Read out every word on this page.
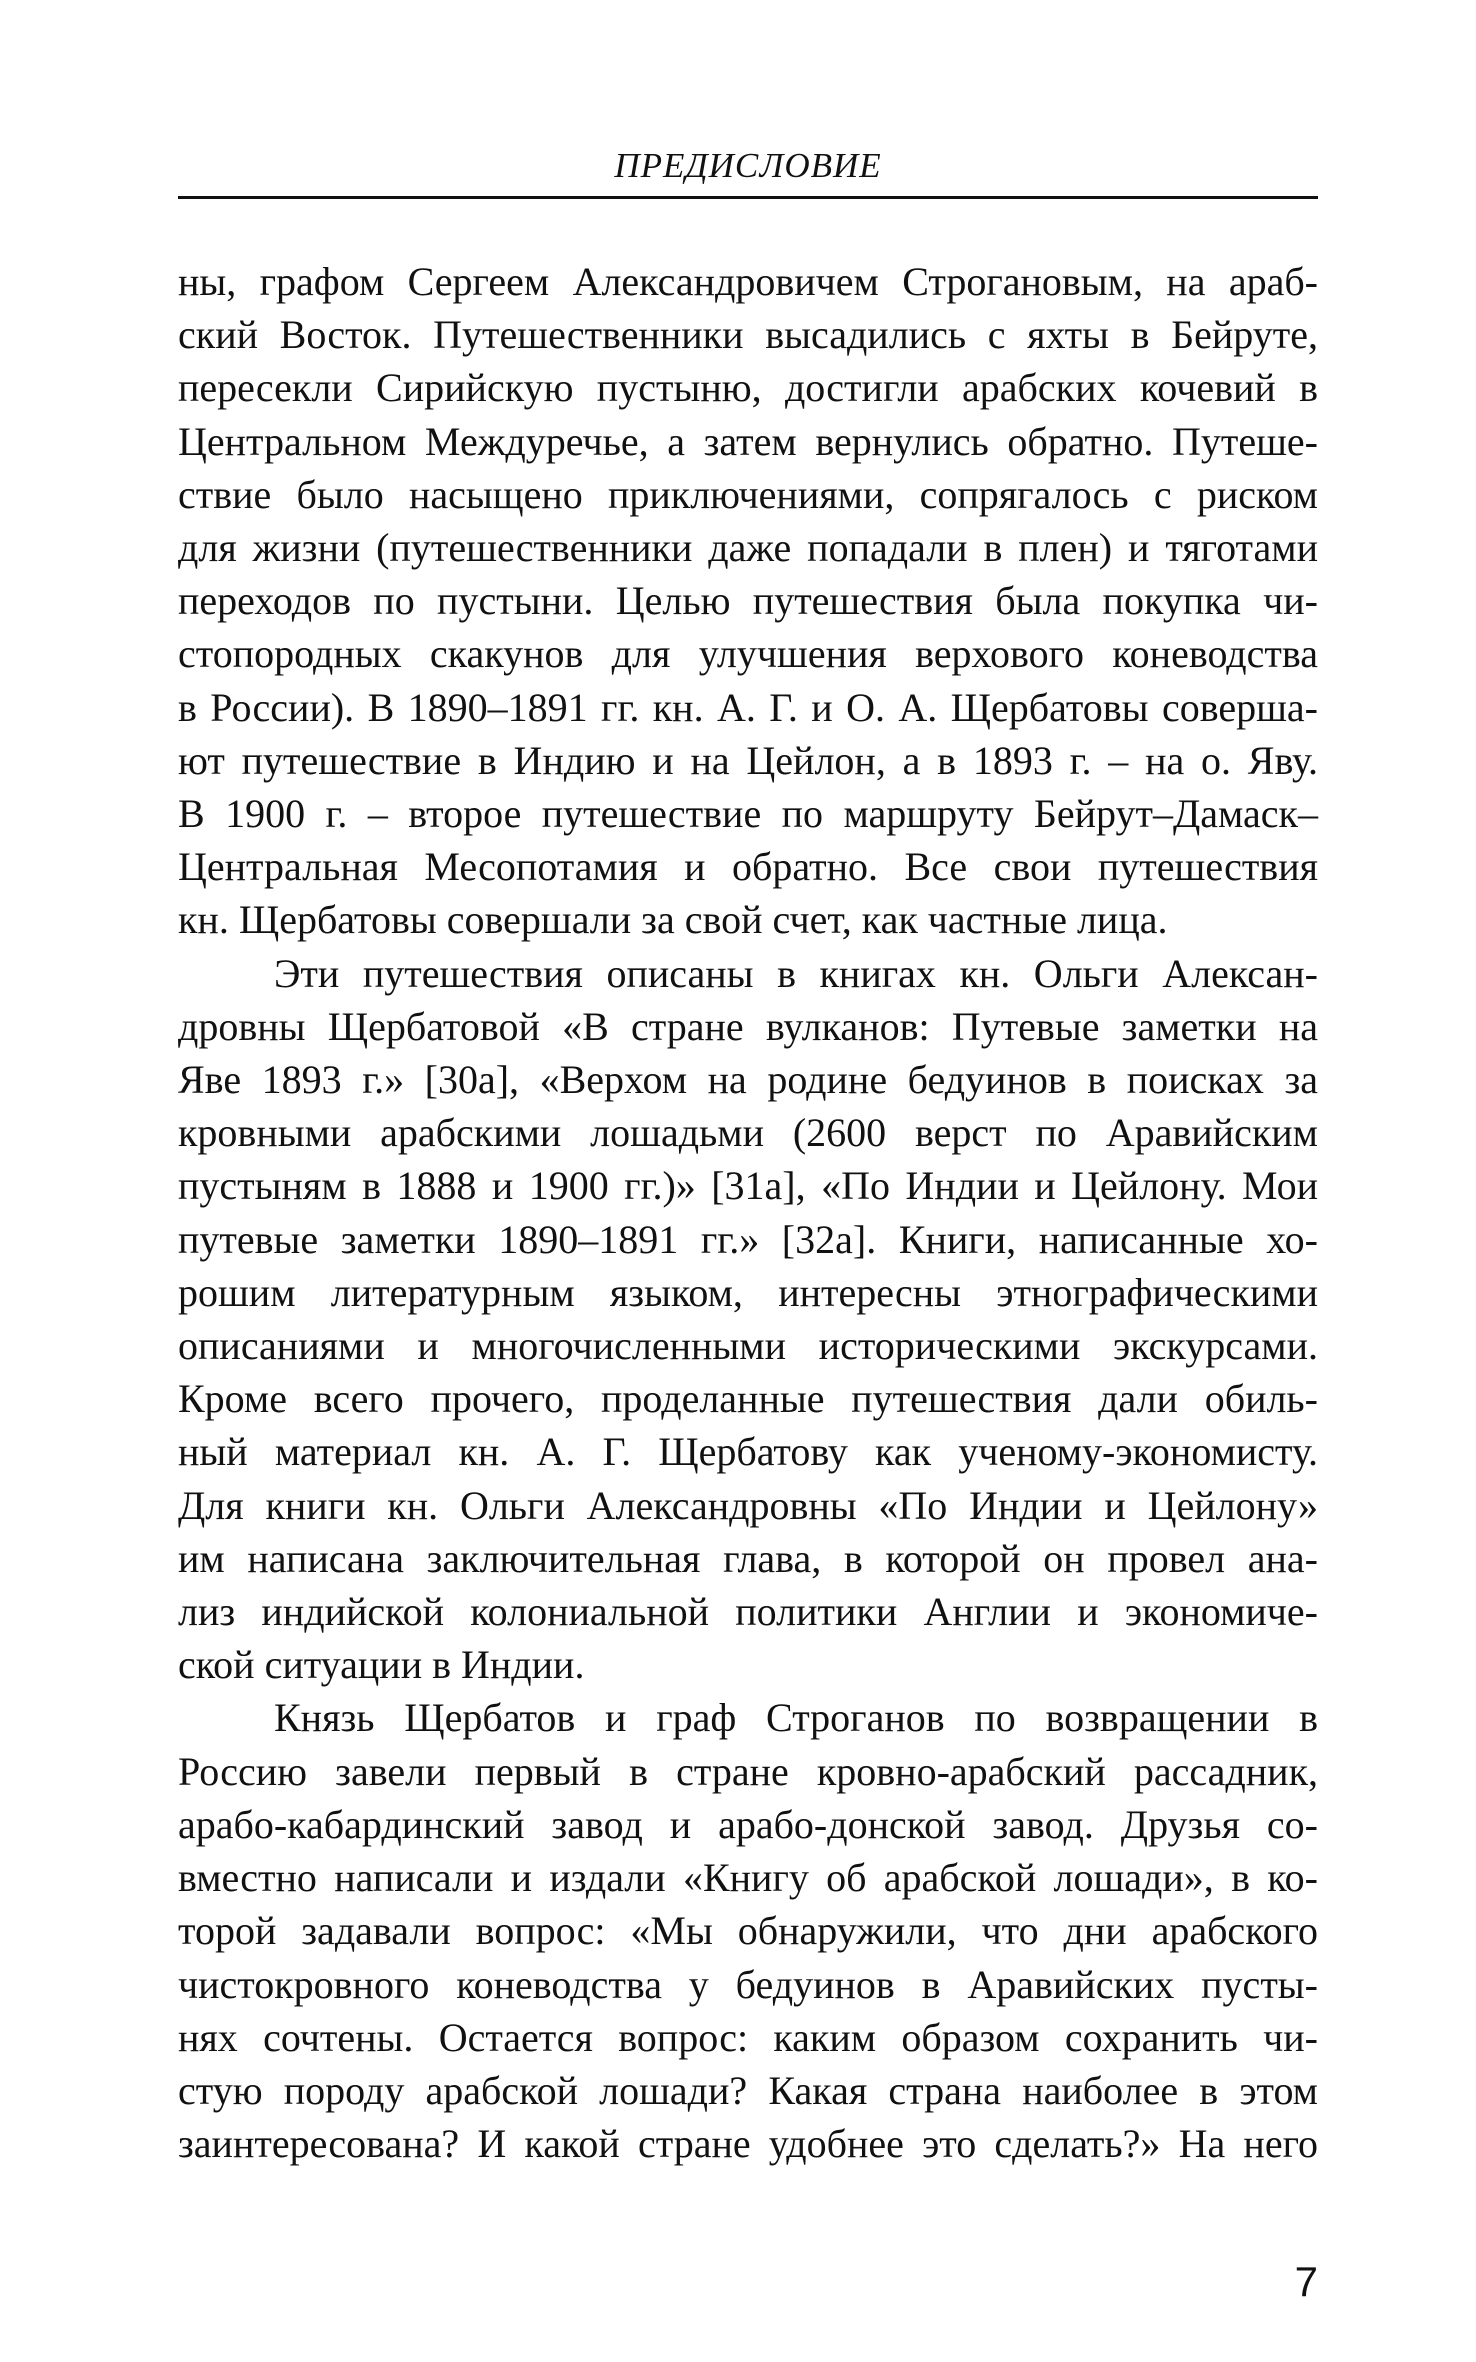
ПРЕДИСЛОВИЕ

ны, графом Сергеем Александровичем Строгановым, на араб-
ский Восток. Путешественники высадились с яхты в Бейруте,
пересекли Сирийскую пустыню, достигли арабских кочевий в
Центральном Междуречье, а затем вернулись обратно. Путеше-
ствие было насыщено приключениями, сопрягалось с риском
для жизни (путешественники даже попадали в плен) и тяготами
переходов по пустыни. Целью путешествия была покупка чи-
стопородных скакунов для улучшения верхового коневодства
в России). В 1890–1891 гг. кн. А. Г. и О. А. Щербатовы соверша-
ют путешествие в Индию и на Цейлон, а в 1893 г. – на о. Яву.
В 1900 г. – второе путешествие по маршруту Бейрут–Дамаск–
Центральная Месопотамия и обратно. Все свои путешествия
кн. Щербатовы совершали за свой счет, как частные лица.

Эти путешествия описаны в книгах кн. Ольги Алексан-
дровны Щербатовой «В стране вулканов: Путевые заметки на
Яве 1893 г.» [30а], «Верхом на родине бедуинов в поисках за
кровными арабскими лошадьми (2600 верст по Аравийским
пустыням в 1888 и 1900 гг.)» [31а], «По Индии и Цейлону. Мои
путевые заметки 1890–1891 гг.» [32а]. Книги, написанные хо-
рошим литературным языком, интересны этнографическими
описаниями и многочисленными историческими экскурсами.
Кроме всего прочего, проделанные путешествия дали обиль-
ный материал кн. А. Г. Щербатову как ученому-экономисту.
Для книги кн. Ольги Александровны «По Индии и Цейлону»
им написана заключительная глава, в которой он провел ана-
лиз индийской колониальной политики Англии и экономиче-
ской ситуации в Индии.

Князь Щербатов и граф Строганов по возвращении в
Россию завели первый в стране кровно-арабский рассадник,
арабо-кабардинский завод и арабо-донской завод. Друзья со-
вместно написали и издали «Книгу об арабской лошади», в ко-
торой задавали вопрос: «Мы обнаружили, что дни арабского
чистокровного коневодства у бедуинов в Аравийских пусты-
нях сочтены. Остается вопрос: каким образом сохранить чи-
стую породу арабской лошади? Какая страна наиболее в этом
заинтересована? И какой стране удобнее это сделать?» На него

7
